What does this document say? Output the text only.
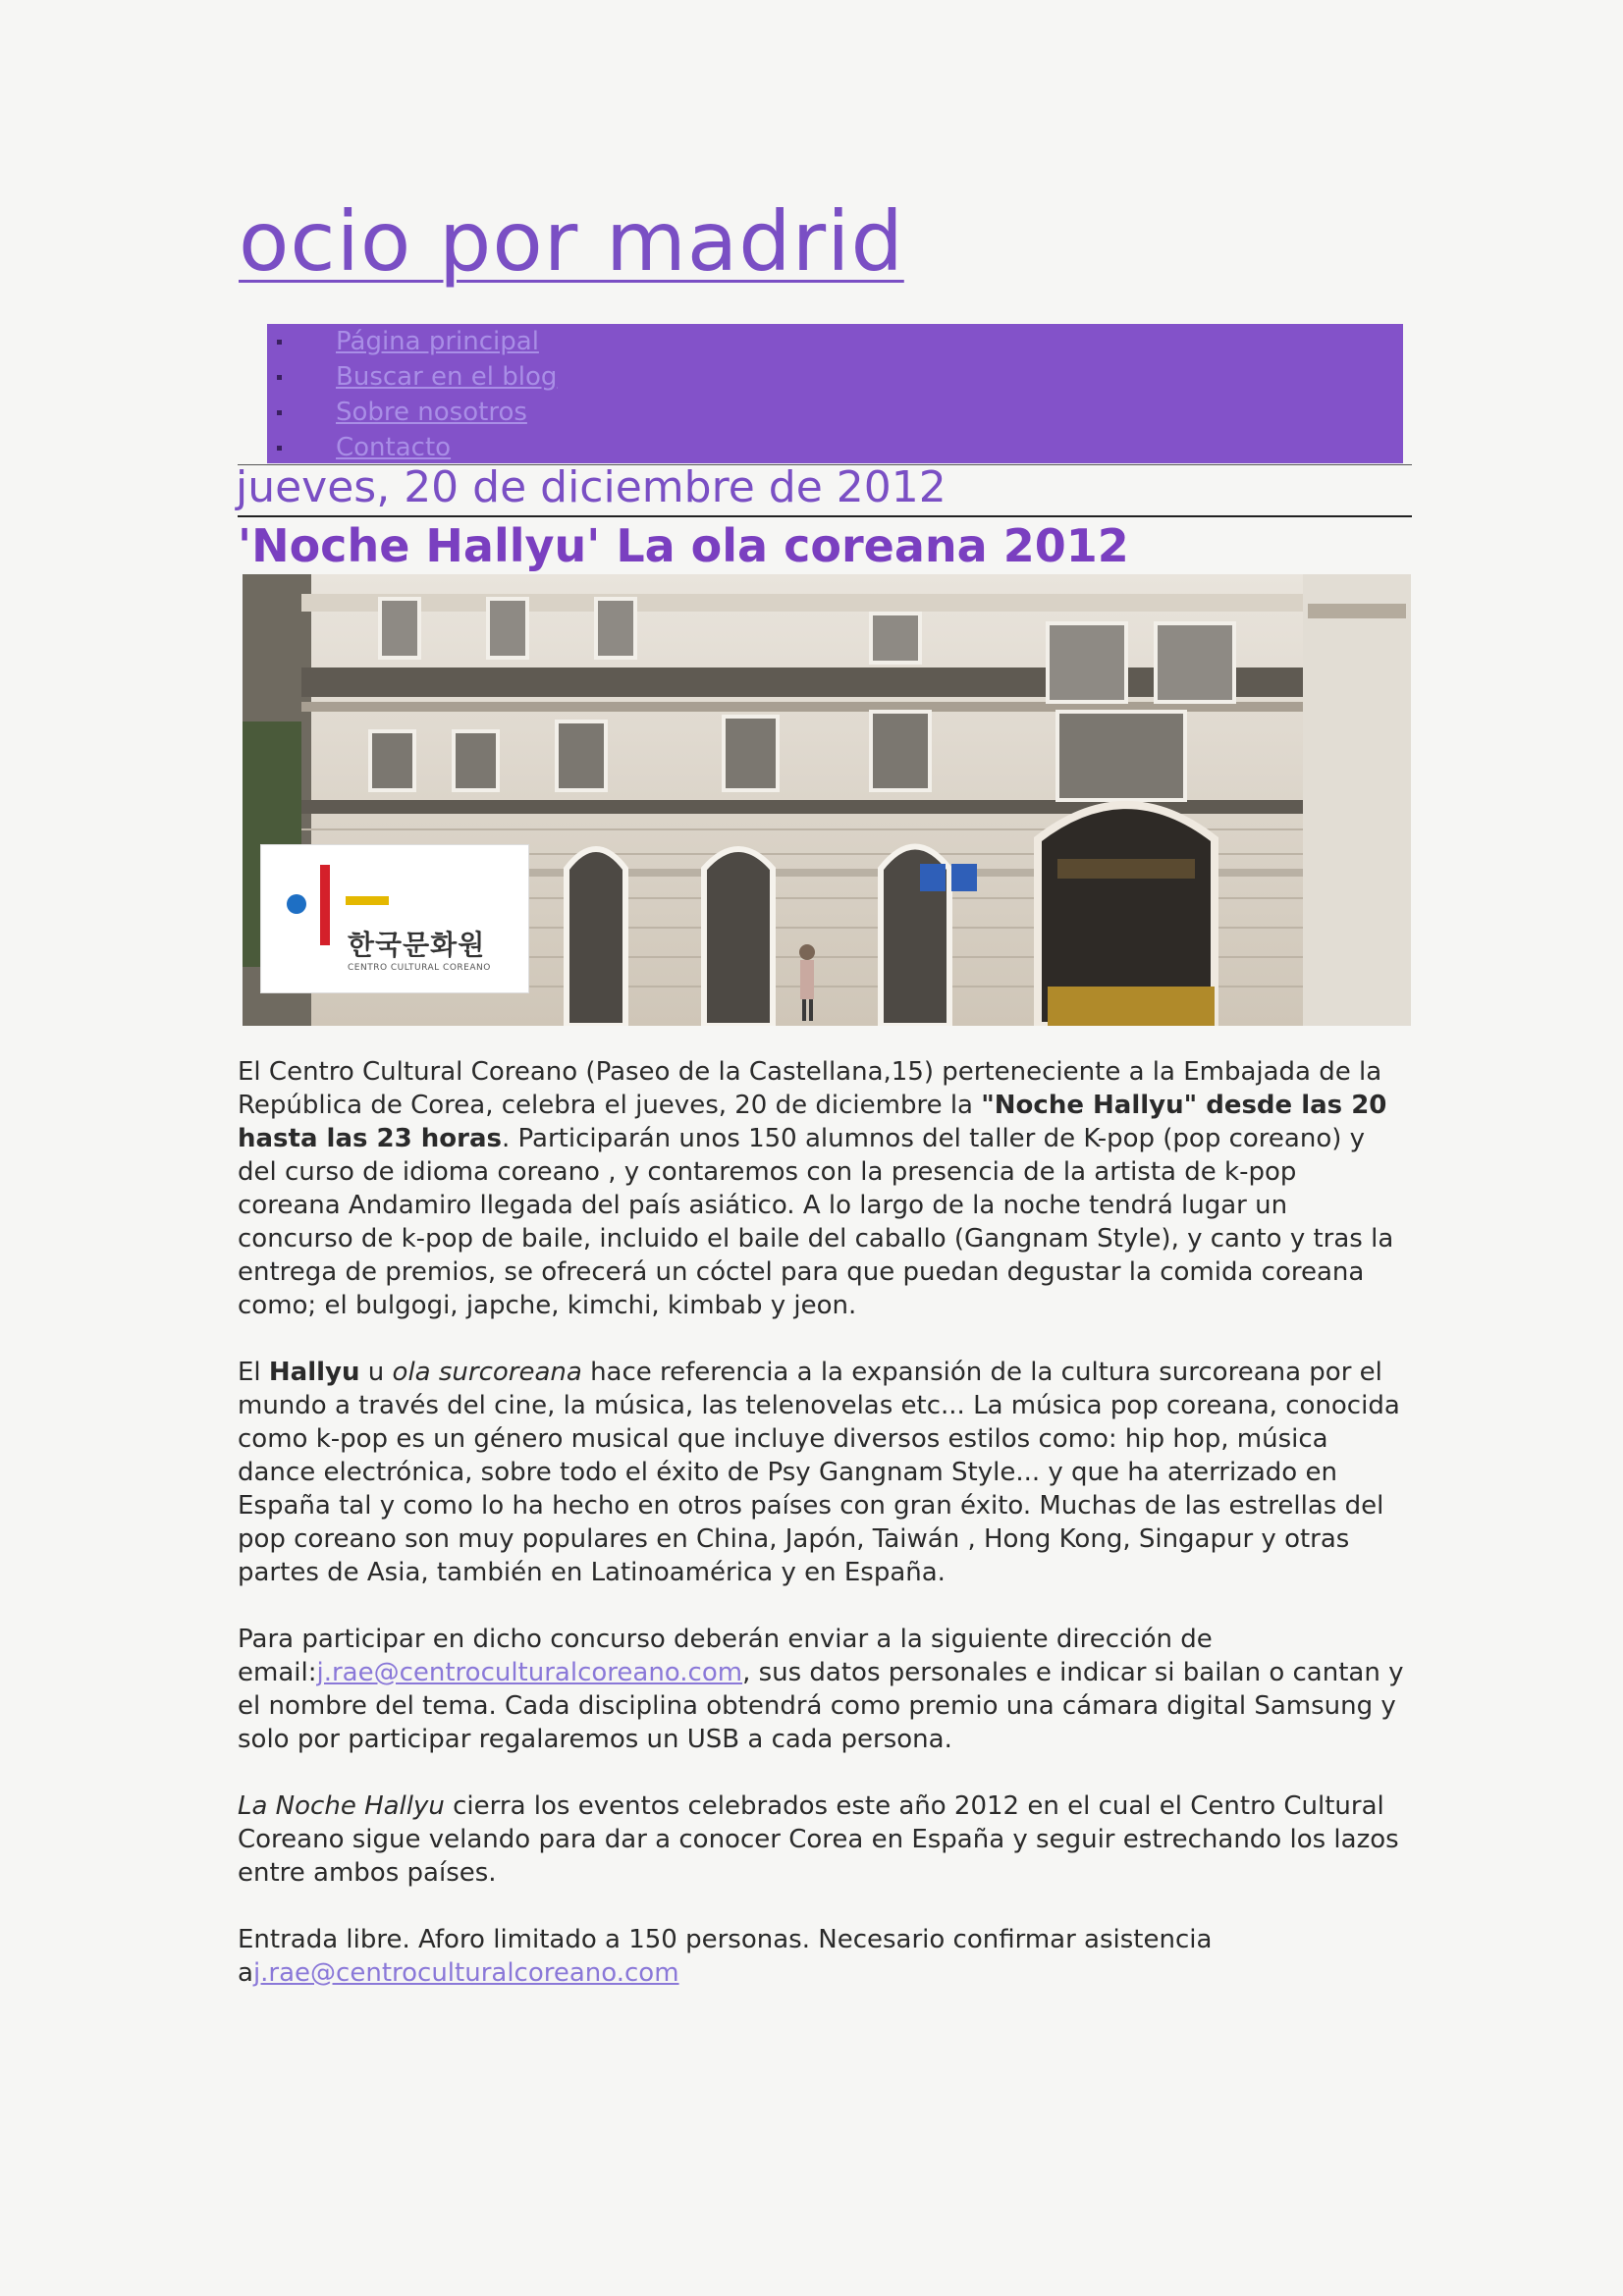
ocio por madrid
Página principal
Buscar en el blog
Sobre nosotros
Contacto
jueves, 20 de diciembre de 2012
'Noche Hallyu' La ola coreana 2012
한국문화원
CENTRO CULTURAL COREANO

El Centro Cultural Coreano (Paseo de la Castellana,15) perteneciente a la Embajada de la República de Corea, celebra el jueves, 20 de diciembre la "Noche Hallyu" desde las 20 hasta las 23 horas. Participarán unos 150 alumnos del taller de K-pop (pop coreano) y del curso de idioma coreano , y contaremos con la presencia de la artista de k-pop coreana Andamiro llegada del país asiático. A lo largo de la noche tendrá lugar un concurso de k-pop de baile, incluido el baile del caballo (Gangnam Style), y canto y tras la entrega de premios, se ofrecerá un cóctel para que puedan degustar la comida coreana como; el bulgogi, japche, kimchi, kimbab y jeon.

El Hallyu u ola surcoreana hace referencia a la expansión de la cultura surcoreana por el mundo a través del cine, la música, las telenovelas etc... La música pop coreana, conocida como k-pop es un género musical que incluye diversos estilos como: hip hop, música dance electrónica, sobre todo el éxito de Psy Gangnam Style... y que ha aterrizado en España tal y como lo ha hecho en otros países con gran éxito. Muchas de las estrellas del pop coreano son muy populares en China, Japón, Taiwán , Hong Kong, Singapur y otras partes de Asia, también en Latinoamérica y en España.

Para participar en dicho concurso deberán enviar a la siguiente dirección de email:j.rae@centroculturalcoreano.com, sus datos personales e indicar si bailan o cantan y el nombre del tema. Cada disciplina obtendrá como premio una cámara digital Samsung y solo por participar regalaremos un USB a cada persona.

La Noche Hallyu cierra los eventos celebrados este año 2012 en el cual el Centro Cultural Coreano sigue velando para dar a conocer Corea en España y seguir estrechando los lazos entre ambos países.

Entrada libre. Aforo limitado a 150 personas. Necesario confirmar asistencia aj.rae@centroculturalcoreano.com
